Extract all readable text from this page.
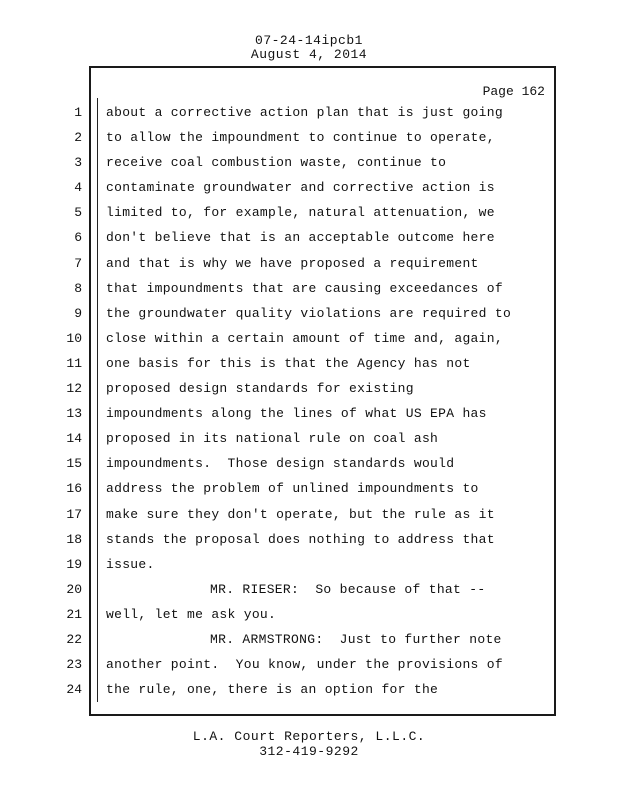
07-24-14ipcb1
August 4, 2014
Page 162
1 about a corrective action plan that is just going
2 to allow the impoundment to continue to operate,
3 receive coal combustion waste, continue to
4 contaminate groundwater and corrective action is
5 limited to, for example, natural attenuation, we
6 don't believe that is an acceptable outcome here
7 and that is why we have proposed a requirement
8 that impoundments that are causing exceedances of
9 the groundwater quality violations are required to
10 close within a certain amount of time and, again,
11 one basis for this is that the Agency has not
12 proposed design standards for existing
13 impoundments along the lines of what US EPA has
14 proposed in its national rule on coal ash
15 impoundments.  Those design standards would
16 address the problem of unlined impoundments to
17 make sure they don't operate, but the rule as it
18 stands the proposal does nothing to address that
19 issue.
20	MR. RIESER:  So because of that --
21 well, let me ask you.
22	MR. ARMSTRONG:  Just to further note
23 another point.  You know, under the provisions of
24 the rule, one, there is an option for the
L.A. Court Reporters, L.L.C.
312-419-9292
